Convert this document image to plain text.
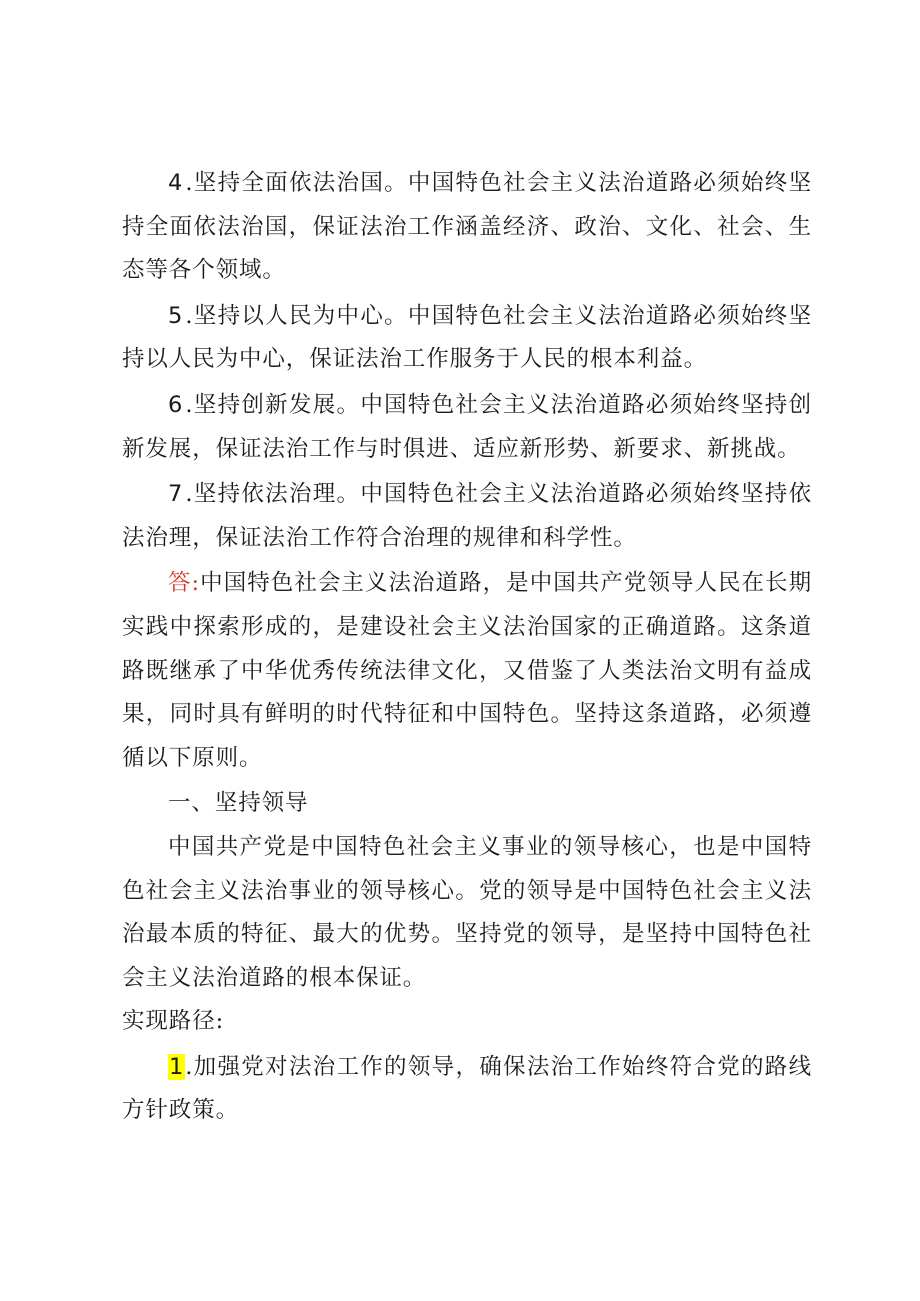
4.坚持全面依法治国。中国特色社会主义法治道路必须始终坚持全面依法治国，保证法治工作涵盖经济、政治、文化、社会、生态等各个领域。

5.坚持以人民为中心。中国特色社会主义法治道路必须始终坚持以人民为中心，保证法治工作服务于人民的根本利益。

6.坚持创新发展。中国特色社会主义法治道路必须始终坚持创新发展，保证法治工作与时俱进、适应新形势、新要求、新挑战。

7.坚持依法治理。中国特色社会主义法治道路必须始终坚持依法治理，保证法治工作符合治理的规律和科学性。

答:中国特色社会主义法治道路，是中国共产党领导人民在长期实践中探索形成的，是建设社会主义法治国家的正确道路。这条道路既继承了中华优秀传统法律文化，又借鉴了人类法治文明有益成果，同时具有鲜明的时代特征和中国特色。坚持这条道路，必须遵循以下原则。

一、坚持领导

中国共产党是中国特色社会主义事业的领导核心，也是中国特色社会主义法治事业的领导核心。党的领导是中国特色社会主义法治最本质的特征、最大的优势。坚持党的领导，是坚持中国特色社会主义法治道路的根本保证。

实现路径:

1.加强党对法治工作的领导，确保法治工作始终符合党的路线方针政策。
